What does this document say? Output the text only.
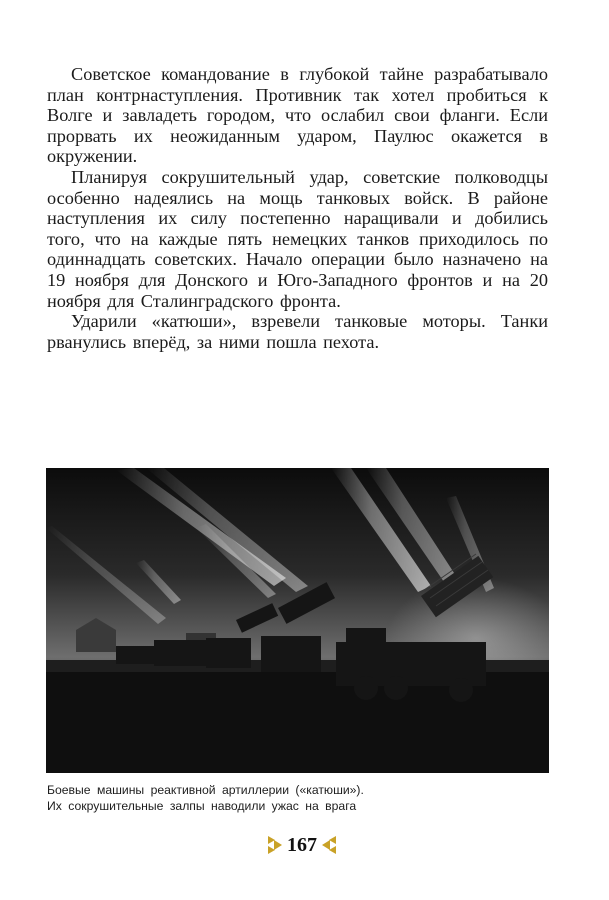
Советское командование в глубокой тайне разрабатывало план контрнаступления. Противник так хотел пробиться к Волге и завладеть городом, что ослабил свои фланги. Если прорвать их неожиданным ударом, Паулюс окажется в окружении.

Планируя сокрушительный удар, советские полководцы особенно надеялись на мощь танковых войск. В районе наступления их силу постепенно наращивали и добились того, что на каждые пять немецких танков приходилось по одиннадцать советских. Начало операции было назначено на 19 ноября для Донского и Юго-Западного фронтов и на 20 ноября для Сталинградского фронта.

Ударили «катюши», взревели танковые моторы. Танки рванулись вперёд, за ними пошла пехота.

Боевые машины реактивной артиллерии («катюши»).
Их сокрушительные залпы наводили ужас на врага
167
